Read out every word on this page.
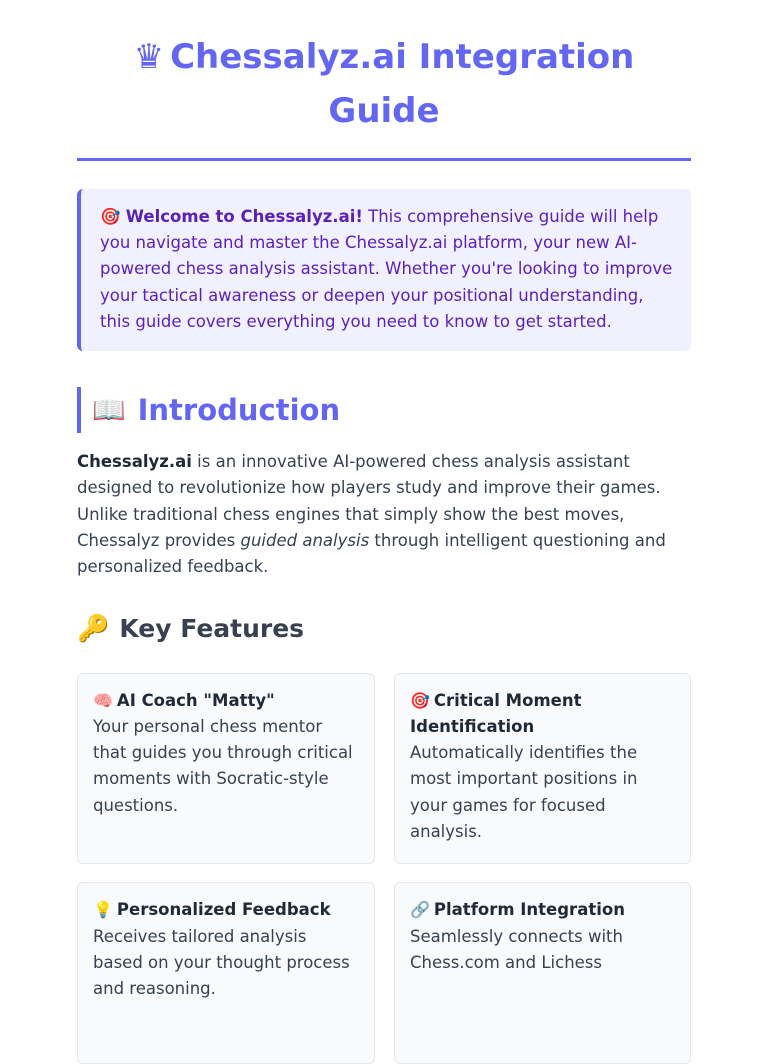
♛ Chessalyz.ai Integration Guide
🎯 Welcome to Chessalyz.ai! This comprehensive guide will help you navigate and master the Chessalyz.ai platform, your new AI-powered chess analysis assistant. Whether you're looking to improve your tactical awareness or deepen your positional understanding, this guide covers everything you need to know to get started.
📖 Introduction

Chessalyz.ai is an innovative AI-powered chess analysis assistant designed to revolutionize how players study and improve their games. Unlike traditional chess engines that simply show the best moves, Chessalyz provides guided analysis through intelligent questioning and personalized feedback.

🔑 Key Features
🧠 AI Coach "Matty"
Your personal chess mentor that guides you through critical moments with Socratic-style questions.
🎯 Critical Moment Identification
Automatically identifies the most important positions in your games for focused analysis.
💡 Personalized Feedback
Receives tailored analysis based on your thought process and reasoning.
🔗 Platform Integration
Seamlessly connects with Chess.com and Lichess
